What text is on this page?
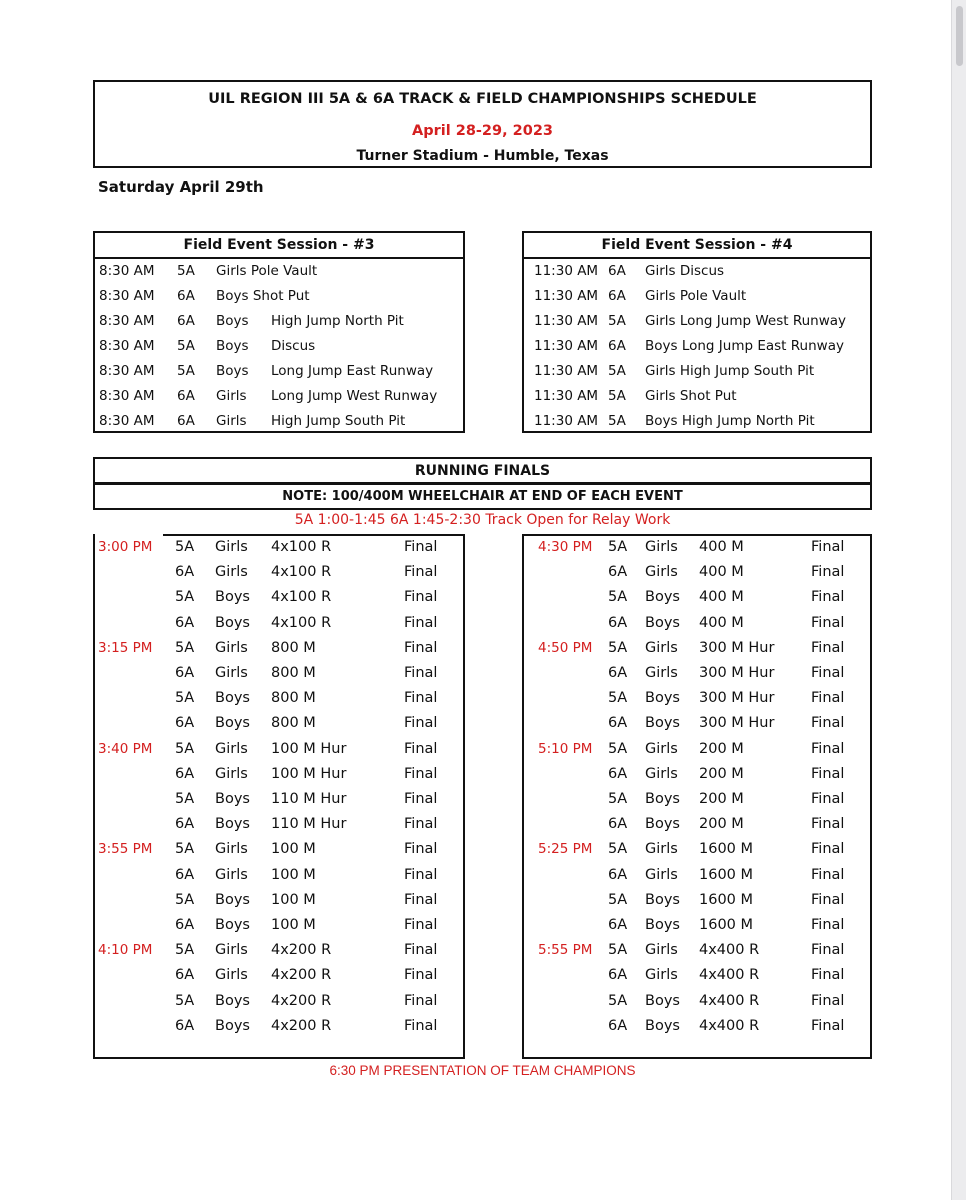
UIL REGION III 5A & 6A TRACK & FIELD CHAMPIONSHIPS SCHEDULE
April 28-29, 2023
Turner Stadium - Humble, Texas
Saturday April 29th
Field Event Session - #3
8:30 AM 5A Girls Pole Vault
8:30 AM 6A Boys Shot Put
8:30 AM 6A Boys High Jump North Pit
8:30 AM 5A Boys Discus
8:30 AM 5A Boys Long Jump East Runway
8:30 AM 6A Girls Long Jump West Runway
8:30 AM 6A Girls High Jump South Pit
Field Event Session - #4
11:30 AM 6A Girls Discus
11:30 AM 6A Girls Pole Vault
11:30 AM 5A Girls Long Jump West Runway
11:30 AM 6A Boys Long Jump East Runway
11:30 AM 5A Girls High Jump South Pit
11:30 AM 5A Girls Shot Put
11:30 AM 5A Boys High Jump North Pit
RUNNING FINALS
NOTE: 100/400M WHEELCHAIR AT END OF EACH EVENT
5A 1:00-1:45 6A 1:45-2:30 Track Open for Relay Work
3:00 PM 5A Girls 4x100 R	Final
6A Girls 4x100 R	Final
5A Boys 4x100 R	Final
6A Boys 4x100 R	Final
3:15 PM 5A Girls 800 M	Final
6A Girls 800 M	Final
5A Boys 800 M	Final
6A Boys 800 M	Final
3:40 PM 5A Girls 100 M Hur	Final
6A Girls 100 M Hur	Final
5A Boys 110 M Hur	Final
6A Boys 110 M Hur	Final
3:55 PM 5A Girls 100 M	Final
6A Girls 100 M	Final
5A Boys 100 M	Final
6A Boys 100 M	Final
4:10 PM 5A Girls 4x200 R	Final
6A Girls 4x200 R	Final
5A Boys 4x200 R	Final
6A Boys 4x200 R	Final
4:30 PM 5A Girls 400 M	Final
6A Girls 400 M	Final
5A Boys 400 M	Final
6A Boys 400 M	Final
4:50 PM 5A Girls 300 M Hur	Final
6A Girls 300 M Hur	Final
5A Boys 300 M Hur	Final
6A Boys 300 M Hur	Final
5:10 PM 5A Girls 200 M	Final
6A Girls 200 M	Final
5A Boys 200 M	Final
6A Boys 200 M	Final
5:25 PM 5A Girls 1600 M	Final
6A Girls 1600 M	Final
5A Boys 1600 M	Final
6A Boys 1600 M	Final
5:55 PM 5A Girls 4x400 R	Final
6A Girls 4x400 R	Final
5A Boys 4x400 R	Final
6A Boys 4x400 R	Final
6:30 PM PRESENTATION OF TEAM CHAMPIONS
